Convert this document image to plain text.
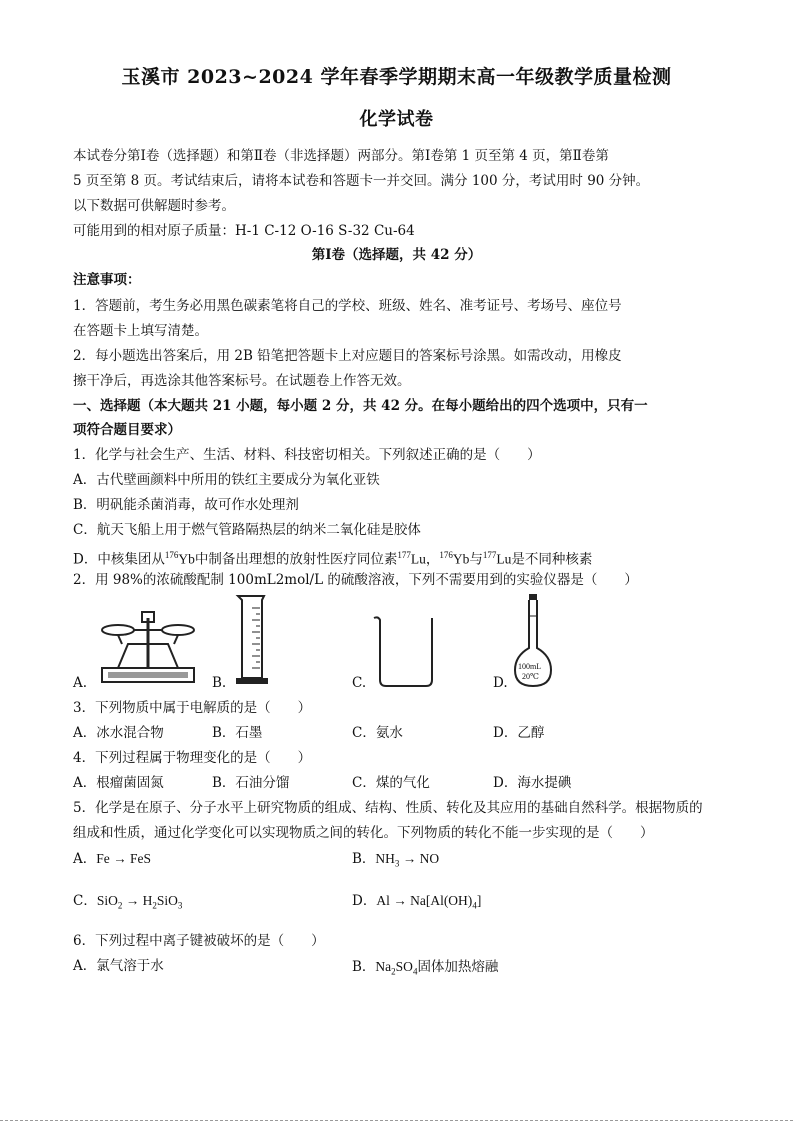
玉溪市 2023~2024 学年春季学期期末高一年级教学质量检测
化学试卷
本试卷分第Ⅰ卷（选择题）和第Ⅱ卷（非选择题）两部分。第Ⅰ卷第 1 页至第 4 页，第Ⅱ卷第
5 页至第 8 页。考试结束后，请将本试卷和答题卡一并交回。满分 100 分，考试用时 90 分钟。
以下数据可供解题时参考。
可能用到的相对原子质量：H-1 C-12 O-16 S-32 Cu-64
第Ⅰ卷（选择题，共 42 分）
注意事项：
1．答题前，考生务必用黑色碳素笔将自己的学校、班级、姓名、准考证号、考场号、座位号
在答题卡上填写清楚。
2．每小题选出答案后，用 2B 铅笔把答题卡上对应题目的答案标号涂黑。如需改动，用橡皮
擦干净后，再选涂其他答案标号。在试题卷上作答无效。
一、选择题（本大题共 21 小题，每小题 2 分，共 42 分。在每小题给出的四个选项中，只有一
项符合题目要求）
1．化学与社会生产、生活、材料、科技密切相关。下列叙述正确的是（　　）
A．古代壁画颜料中所用的铁红主要成分为氧化亚铁
B．明矾能杀菌消毒，故可作水处理剂
C．航天飞船上用于燃气管路隔热层的纳米二氧化硅是胶体
D．中核集团从$^{176}$Yb中制备出理想的放射性医疗同位素$^{177}$Lu，$^{176}$Yb与$^{177}$Lu是不同种核素
2．用 98%的浓硫酸配制 100mL2mol/L 的硫酸溶液，下列不需要用到的实验仪器是（　　）
A.	B.	C.	D.
100mL
20℃
3．下列物质中属于电解质的是（　　）
A．冰水混合物	B．石墨	C．氨水	D．乙醇
4．下列过程属于物理变化的是（　　）
A．根瘤菌固氮	B．石油分馏	C．煤的气化	D．海水提碘
5．化学是在原子、分子水平上研究物质的组成、结构、性质、转化及其应用的基础自然科学。根据物质的
组成和性质，通过化学变化可以实现物质之间的转化。下列物质的转化不能一步实现的是（　　）
A．Fe → FeS	B．$NH_3$ → NO
C．$SiO_2 \to H_2SiO_3$	D．$Al \to Na[Al(OH)_4]$
6．下列过程中离子键被破坏的是（　　）
A．氯气溶于水	B．$Na_2SO_4$固体加热熔融
